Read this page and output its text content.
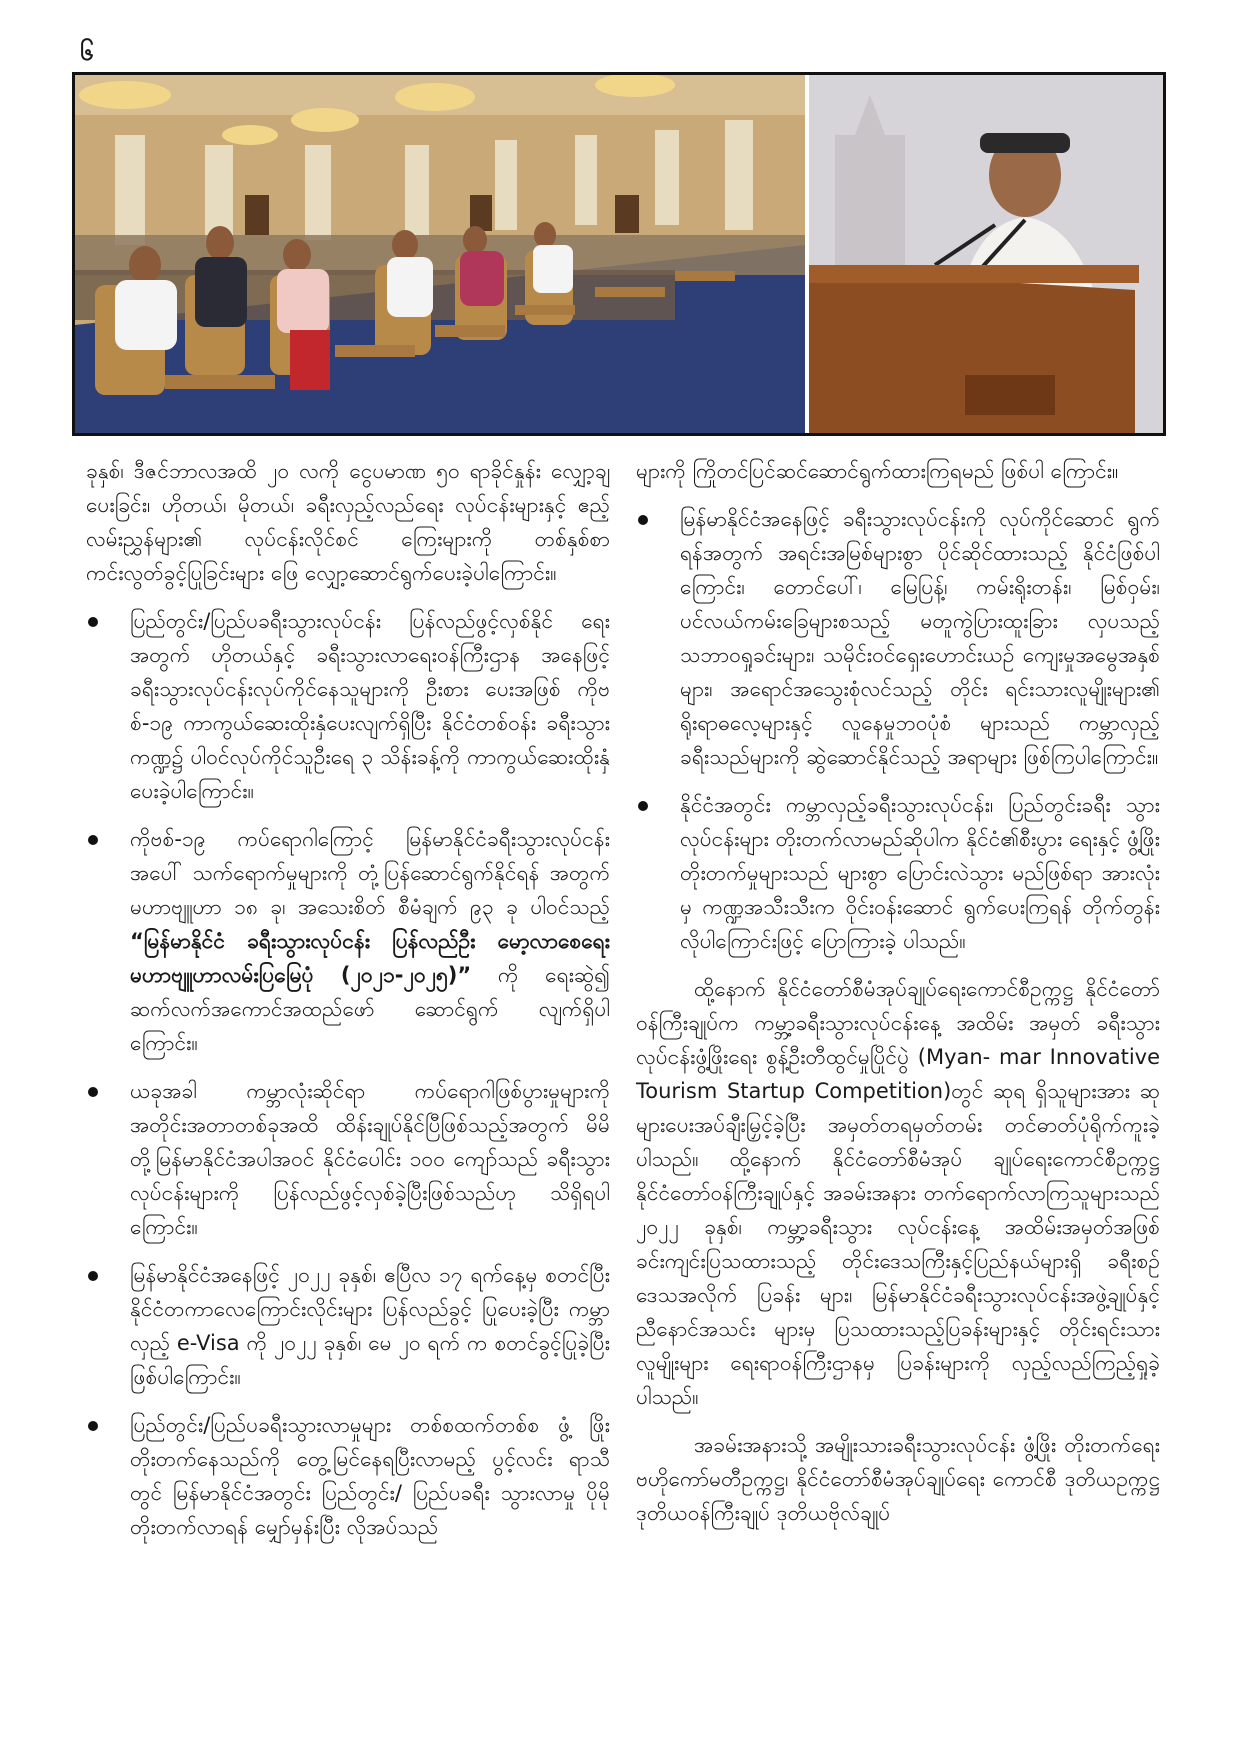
၆

ခုနှစ်၊ ဒီဇင်ဘာလအထိ ၂၀ လကို ငွေပမာဏ ၅၀ ရာခိုင်နှုန်း လျှော့ချပေးခြင်း၊ ဟိုတယ်၊ မိုတယ်၊ ခရီးလှည့်လည်ရေး လုပ်ငန်းများနှင့် ဧည့်လမ်းညွှန်များ၏ လုပ်ငန်းလိုင်စင် ကြေးများကို တစ်နှစ်စာ ကင်းလွတ်ခွင့်ပြုခြင်းများ ဖြေ လျှော့ဆောင်ရွက်ပေးခဲ့ပါကြောင်း။

ပြည်တွင်း/ပြည်ပခရီးသွားလုပ်ငန်း ပြန်လည်ဖွင့်လှစ်နိုင် ရေးအတွက် ဟိုတယ်နှင့် ခရီးသွားလာရေးဝန်ကြီးဌာန အနေဖြင့် ခရီးသွားလုပ်ငန်းလုပ်ကိုင်နေသူများကို ဦးစား ပေးအဖြစ် ကိုဗစ်-၁၉ ကာကွယ်ဆေးထိုးနှံပေးလျက်ရှိပြီး နိုင်ငံတစ်ဝန်း ခရီးသွားကဏ္ဍ၌ ပါဝင်လုပ်ကိုင်သူဦးရေ ၃ သိန်းခန့်ကို ကာကွယ်ဆေးထိုးနှံပေးခဲ့ပါကြောင်း။
ကိုဗစ်-၁၉ ကပ်ရောဂါကြောင့် မြန်မာနိုင်ငံခရီးသွားလုပ်ငန်း အပေါ် သက်ရောက်မှုများကို တုံ့ပြန်ဆောင်ရွက်နိုင်ရန် အတွက် မဟာဗျူဟာ ၁၈ ခု၊ အသေးစိတ် စီမံချက် ၉၃ ခု ပါဝင်သည့် “မြန်မာနိုင်ငံ ခရီးသွားလုပ်ငန်း ပြန်လည်ဦး မော့လာစေရေး မဟာဗျူဟာလမ်းပြမြေပုံ (၂၀၂၁-၂၀၂၅)” ကို ရေးဆွဲ၍ ဆက်လက်အကောင်အထည်ဖော် ဆောင်ရွက် လျက်ရှိပါကြောင်း။
ယခုအခါ ကမ္ဘာလုံးဆိုင်ရာ ကပ်ရောဂါဖြစ်ပွားမှုများကို အတိုင်းအတာတစ်ခုအထိ ထိန်းချုပ်နိုင်ပြီဖြစ်သည့်အတွက် မိမိတို့မြန်မာနိုင်ငံအပါအဝင် နိုင်ငံပေါင်း ၁၀၀ ကျော်သည် ခရီးသွားလုပ်ငန်းများကို ပြန်လည်ဖွင့်လှစ်ခဲ့ပြီးဖြစ်သည်ဟု သိရှိရပါကြောင်း။
မြန်မာနိုင်ငံအနေဖြင့် ၂၀၂၂ ခုနှစ်၊ ဧပြီလ ၁၇ ရက်နေ့မှ စတင်ပြီး နိုင်ငံတကာလေကြောင်းလိုင်းများ ပြန်လည်ခွင့် ပြုပေးခဲ့ပြီး ကမ္ဘာလှည့် e-Visa ကို ၂၀၂၂ ခုနှစ်၊ မေ ၂၀ ရက် က စတင်ခွင့်ပြုခဲ့ပြီးဖြစ်ပါကြောင်း။
ပြည်တွင်း/ပြည်ပခရီးသွားလာမှုများ တစ်စထက်တစ်စ ဖွံ့ ဖြိုးတိုးတက်နေသည်ကို တွေ့မြင်နေရပြီးလာမည့် ပွင့်လင်း ရာသီတွင် မြန်မာနိုင်ငံအတွင်း ပြည်တွင်း/ ပြည်ပခရီး သွားလာမှု ပိုမိုတိုးတက်လာရန် မျှော်မှန်းပြီး လိုအပ်သည်

များကို ကြိုတင်ပြင်ဆင်ဆောင်ရွက်ထားကြရမည် ဖြစ်ပါ ကြောင်း။

မြန်မာနိုင်ငံအနေဖြင့် ခရီးသွားလုပ်ငန်းကို လုပ်ကိုင်ဆောင် ရွက်ရန်အတွက် အရင်းအမြစ်များစွာ ပိုင်ဆိုင်ထားသည့် နိုင်ငံဖြစ်ပါကြောင်း၊ တောင်ပေါ်၊ မြေပြန့်၊ ကမ်းရိုးတန်း၊ မြစ်ဝှမ်း၊ ပင်လယ်ကမ်းခြေများစသည့် မတူကွဲပြားထူးခြား လှပသည့် သဘာဝရှုခင်းများ၊ သမိုင်းဝင်ရှေးဟောင်းယဉ် ကျေးမှုအမွေအနှစ်များ၊ အရောင်အသွေးစုံလင်သည့် တိုင်း ရင်းသားလူမျိုးများ၏ ရိုးရာဓလေ့များနှင့် လူနေမှုဘဝပုံစံ များသည် ကမ္ဘာလှည့်ခရီးသည်များကို ဆွဲဆောင်နိုင်သည့် အရာများ ဖြစ်ကြပါကြောင်း။
နိုင်ငံအတွင်း ကမ္ဘာလှည့်ခရီးသွားလုပ်ငန်း၊ ပြည်တွင်းခရီး သွားလုပ်ငန်းများ တိုးတက်လာမည်ဆိုပါက နိုင်ငံ၏စီးပွား ရေးနှင့် ဖွံ့ဖြိုးတိုးတက်မှုများသည် များစွာ ပြောင်းလဲသွား မည်ဖြစ်ရာ အားလုံးမှ ကဏ္ဍအသီးသီးက ဝိုင်းဝန်းဆောင် ရွက်ပေးကြရန် တိုက်တွန်းလိုပါကြောင်းဖြင့် ပြောကြားခဲ့ ပါသည်။

ထို့နောက် နိုင်ငံတော်စီမံအုပ်ချုပ်ရေးကောင်စီဥက္ကဋ္ဌ နိုင်ငံတော်ဝန်ကြီးချုပ်က ကမ္ဘာ့ခရီးသွားလုပ်ငန်းနေ့ အထိမ်း အမှတ် ခရီးသွားလုပ်ငန်းဖွံ့ဖြိုးရေး စွန့်ဦးတီထွင်မှုပြိုင်ပွဲ (Myan- mar Innovative Tourism Startup Competition)တွင် ဆုရ ရှိသူများအား ဆုများပေးအပ်ချီးမြှင့်ခဲ့ပြီး အမှတ်တရမှတ်တမ်း တင်ဓာတ်ပုံရိုက်ကူးခဲ့ပါသည်။ ထို့နောက် နိုင်ငံတော်စီမံအုပ် ချုပ်ရေးကောင်စီဥက္ကဋ္ဌ နိုင်ငံတော်ဝန်ကြီးချုပ်နှင့် အခမ်းအနား တက်ရောက်လာကြသူများသည် ၂၀၂၂ ခုနှစ်၊ ကမ္ဘာ့ခရီးသွား လုပ်ငန်းနေ့ အထိမ်းအမှတ်အဖြစ် ခင်းကျင်းပြသထားသည့် တိုင်းဒေသကြီးနှင့်ပြည်နယ်များရှိ ခရီးစဉ်ဒေသအလိုက် ပြခန်း များ၊ မြန်မာနိုင်ငံခရီးသွားလုပ်ငန်းအဖွဲ့ချုပ်နှင့် ညီနောင်အသင်း များမှ ပြသထားသည့်ပြခန်းများနှင့် တိုင်းရင်းသားလူမျိုးများ ရေးရာဝန်ကြီးဌာနမှ ပြခန်းများကို လှည့်လည်ကြည့်ရှုခဲ့ပါသည်။

အခမ်းအနားသို့ အမျိုးသားခရီးသွားလုပ်ငန်း ဖွံ့ဖြိုး တိုးတက်ရေးဗဟိုကော်မတီဥက္ကဋ္ဌ၊ နိုင်ငံတော်စီမံအုပ်ချုပ်ရေး ကောင်စီ ဒုတိယဥက္ကဋ္ဌ ဒုတိယဝန်ကြီးချုပ် ဒုတိယဗိုလ်ချုပ်
